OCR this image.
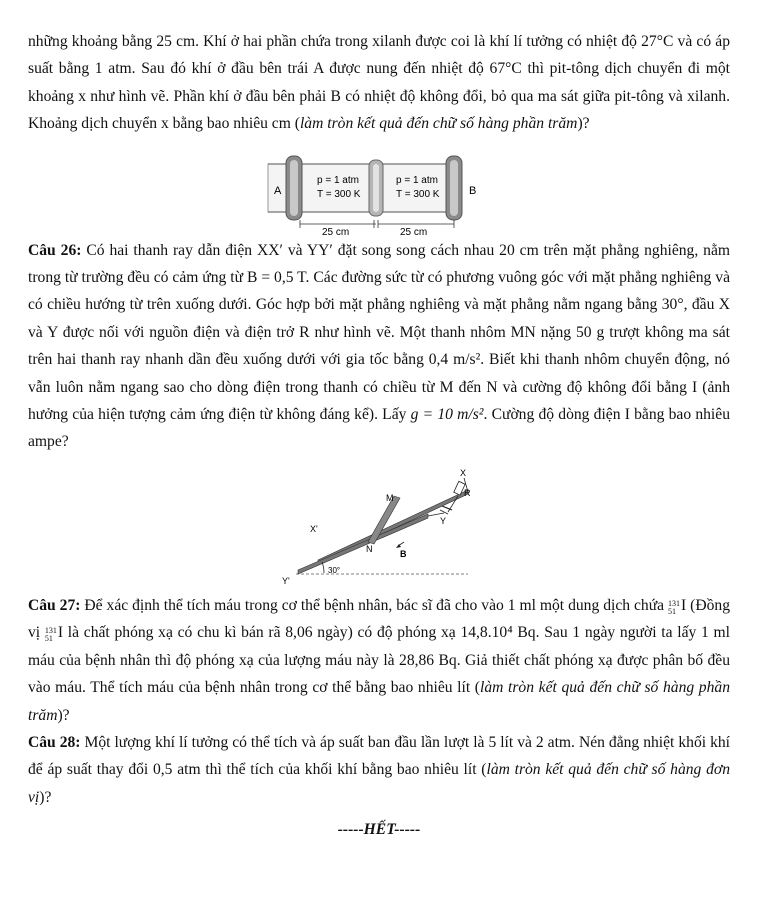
những khoảng bằng 25 cm. Khí ở hai phần chứa trong xilanh được coi là khí lí tưởng có nhiệt độ 27°C và có áp suất bằng 1 atm. Sau đó khí ở đầu bên trái A được nung đến nhiệt độ 67°C thì pit-tông dịch chuyển đi một khoảng x như hình vẽ. Phần khí ở đầu bên phải B có nhiệt độ không đổi, bỏ qua ma sát giữa pit-tông và xilanh. Khoảng dịch chuyển x bằng bao nhiêu cm (làm tròn kết quả đến chữ số hàng phần trăm)?

A	B
p = 1 atm
T = 300 K
p = 1 atm
T = 300 K
25 cm	25 cm

Câu 26: Có hai thanh ray dẫn điện XX′ và YY′ đặt song song cách nhau 20 cm trên mặt phẳng nghiêng, nằm trong từ trường đều có cảm ứng từ B = 0,5 T. Các đường sức từ có phương vuông góc với mặt phẳng nghiêng và có chiều hướng từ trên xuống dưới. Góc hợp bởi mặt phẳng nghiêng và mặt phẳng nằm ngang bằng 30°, đầu X và Y được nối với nguồn điện và điện trở R như hình vẽ. Một thanh nhôm MN nặng 50 g trượt không ma sát trên hai thanh ray nhanh dần đều xuống dưới với gia tốc bằng 0,4 m/s². Biết khi thanh nhôm chuyển động, nó vẫn luôn nằm ngang sao cho dòng điện trong thanh có chiều từ M đến N và cường độ không đổi bằng I (ảnh hưởng của hiện tượng cảm ứng điện từ không đáng kể). Lấy g = 10 m/s². Cường độ dòng điện I bằng bao nhiêu ampe?

X
R
M
Y
X'
N	B
Y'
30°

Câu 27: Để xác định thể tích máu trong cơ thể bệnh nhân, bác sĩ đã cho vào 1 ml một dung dịch chứa 131
51 I (Đồng vị 131
51 I là chất phóng xạ có chu kì bán rã 8,06 ngày) có độ phóng xạ 14,8.10⁴ Bq. Sau 1 ngày người ta lấy 1 ml máu của bệnh nhân thì độ phóng xạ của lượng máu này là 28,86 Bq. Giả thiết chất phóng xạ được phân bố đều vào máu. Thể tích máu của bệnh nhân trong cơ thể bằng bao nhiêu lít (làm tròn kết quả đến chữ số hàng phần trăm)?

Câu 28: Một lượng khí lí tưởng có thể tích và áp suất ban đầu lần lượt là 5 lít và 2 atm. Nén đẳng nhiệt khối khí để áp suất thay đổi 0,5 atm thì thể tích của khối khí bằng bao nhiêu lít (làm tròn kết quả đến chữ số hàng đơn vị)?

-----HẾT-----
